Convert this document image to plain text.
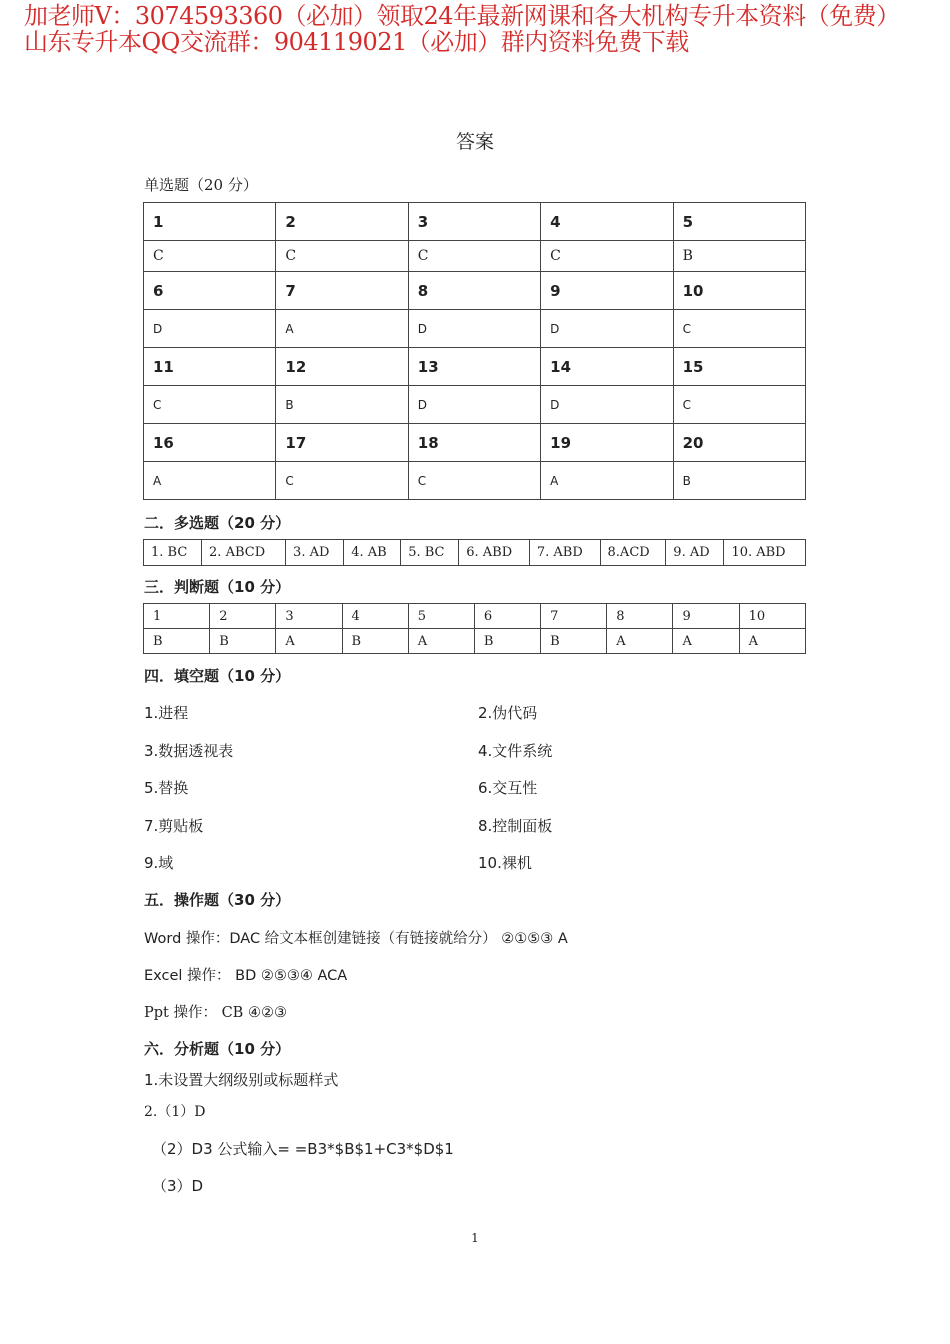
加老师V：3074593360（必加）领取24年最新网课和各大机构专升本资料（免费）
山东专升本QQ交流群：904119021（必加）群内资料免费下载
答案
单选题（20 分）
1	2	3	4	5
C	C	C	C	B
6	7	8	9	10
D	A	D	D	C
11	12	13	14	15
C	B	D	D	C
16	17	18	19	20
A	C	C	A	B
二．多选题（20 分）
1. BC	2. ABCD	3. AD	4. AB	5. BC	6. ABD	7. ABD	8.ACD	9. AD	10. ABD
三．判断题（10 分）
1	2	3	4	5	6	7	8	9	10
B	B	A	B	A	B	B	A	A	A
四．填空题（10 分）
1.进程	2.伪代码
3.数据透视表	4.文件系统
5.替换	6.交互性
7.剪贴板	8.控制面板
9.域	10.裸机
五．操作题（30 分）
Word 操作：DAC 给文本框创建链接（有链接就给分） ②①⑤③ A
Excel 操作： BD ②⑤③④ ACA
Ppt 操作： CB ④②③
六．分析题（10 分）
1.未设置大纲级别或标题样式
2.（1）D
（2）D3 公式输入= =B3*$B$1+C3*$D$1
（3）D
1
